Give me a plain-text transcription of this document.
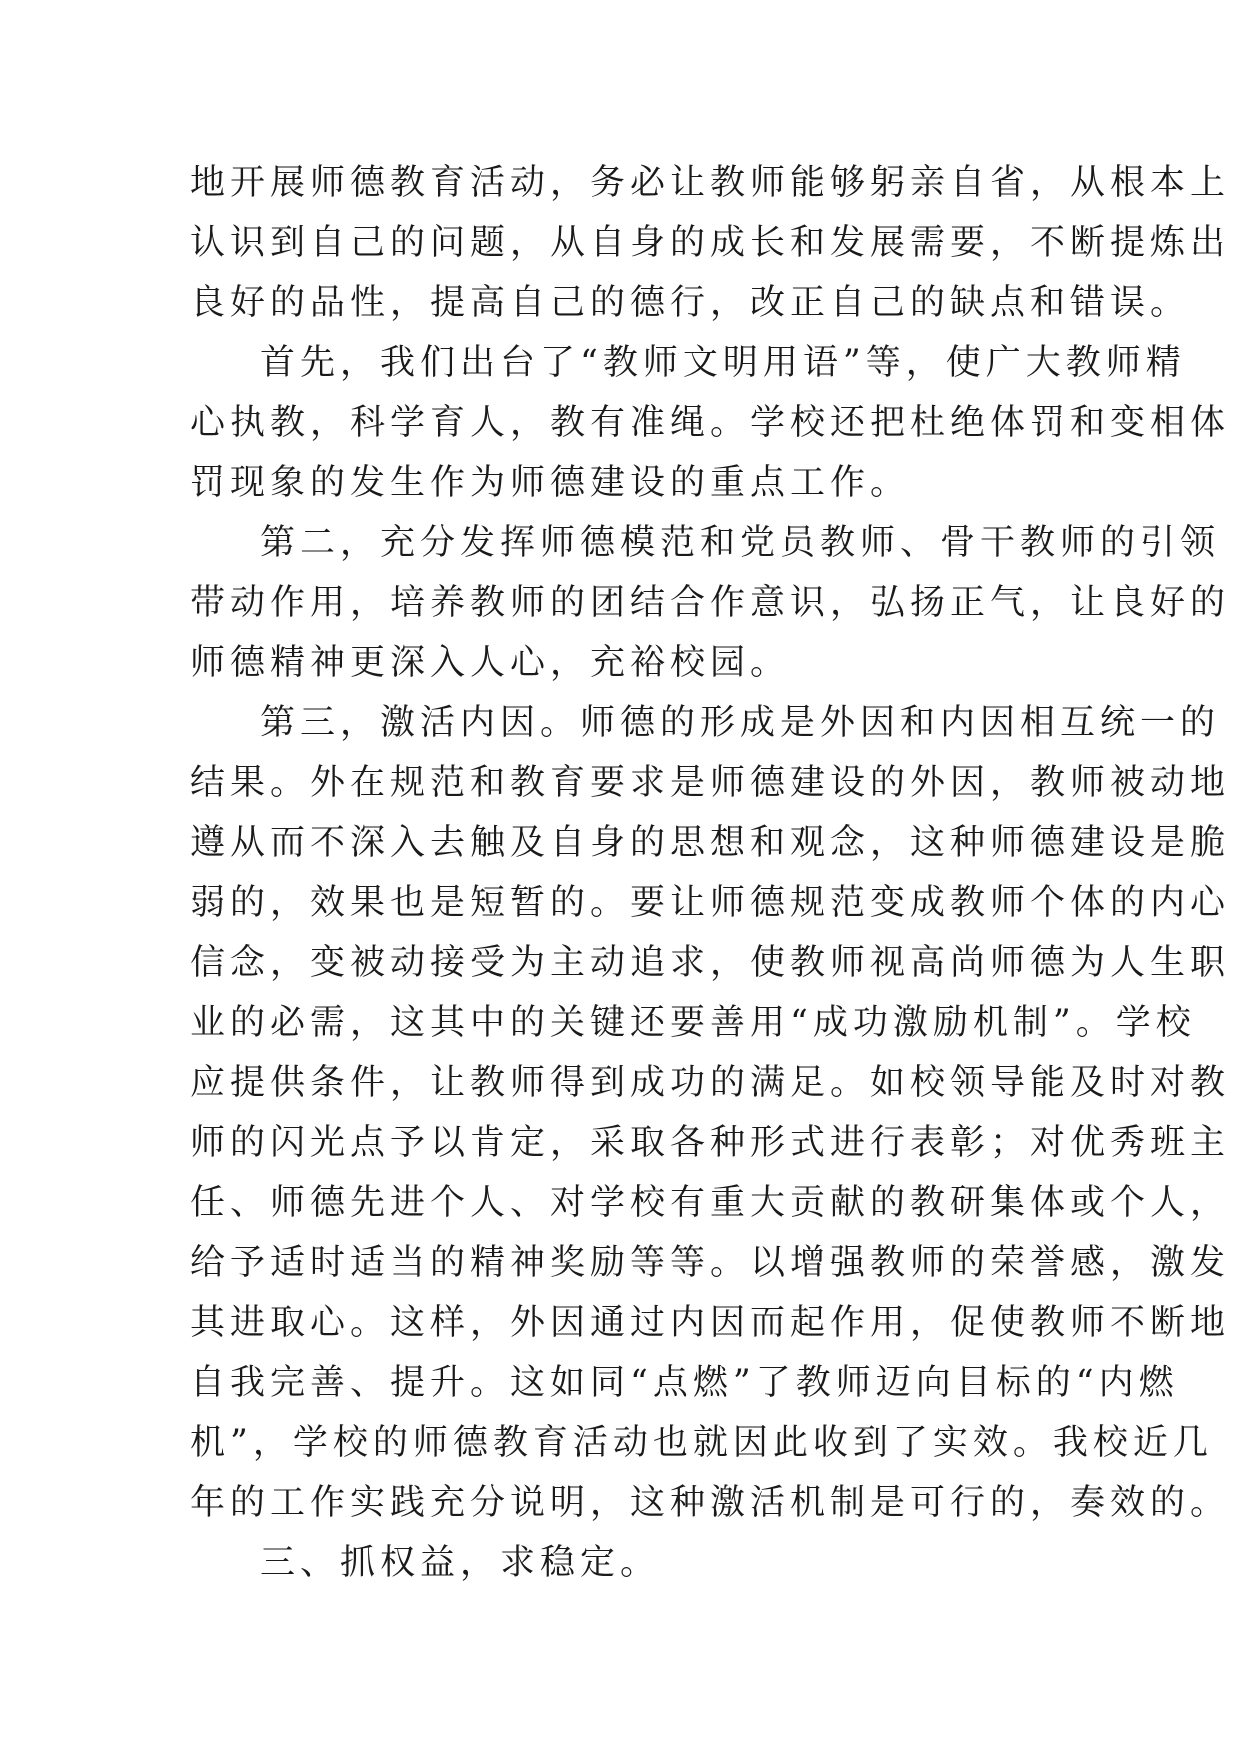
地开展师德教育活动，务必让教师能够躬亲自省，从根本上
认识到自己的问题，从自身的成长和发展需要，不断提炼出
良好的品性，提高自己的德行，改正自己的缺点和错误。
首先，我们出台了“教师文明用语”等，使广大教师精
心执教，科学育人，教有准绳。学校还把杜绝体罚和变相体
罚现象的发生作为师德建设的重点工作。
第二，充分发挥师德模范和党员教师、骨干教师的引领
带动作用，培养教师的团结合作意识，弘扬正气，让良好的
师德精神更深入人心，充裕校园。
第三，激活内因。师德的形成是外因和内因相互统一的
结果。外在规范和教育要求是师德建设的外因，教师被动地
遵从而不深入去触及自身的思想和观念，这种师德建设是脆
弱的，效果也是短暂的。要让师德规范变成教师个体的内心
信念，变被动接受为主动追求，使教师视高尚师德为人生职
业的必需，这其中的关键还要善用“成功激励机制”。学校
应提供条件，让教师得到成功的满足。如校领导能及时对教
师的闪光点予以肯定，采取各种形式进行表彰；对优秀班主
任、师德先进个人、对学校有重大贡献的教研集体或个人，
给予适时适当的精神奖励等等。以增强教师的荣誉感，激发
其进取心。这样，外因通过内因而起作用，促使教师不断地
自我完善、提升。这如同“点燃”了教师迈向目标的“内燃
机”，学校的师德教育活动也就因此收到了实效。我校近几
年的工作实践充分说明，这种激活机制是可行的，奏效的。
三、抓权益，求稳定。
